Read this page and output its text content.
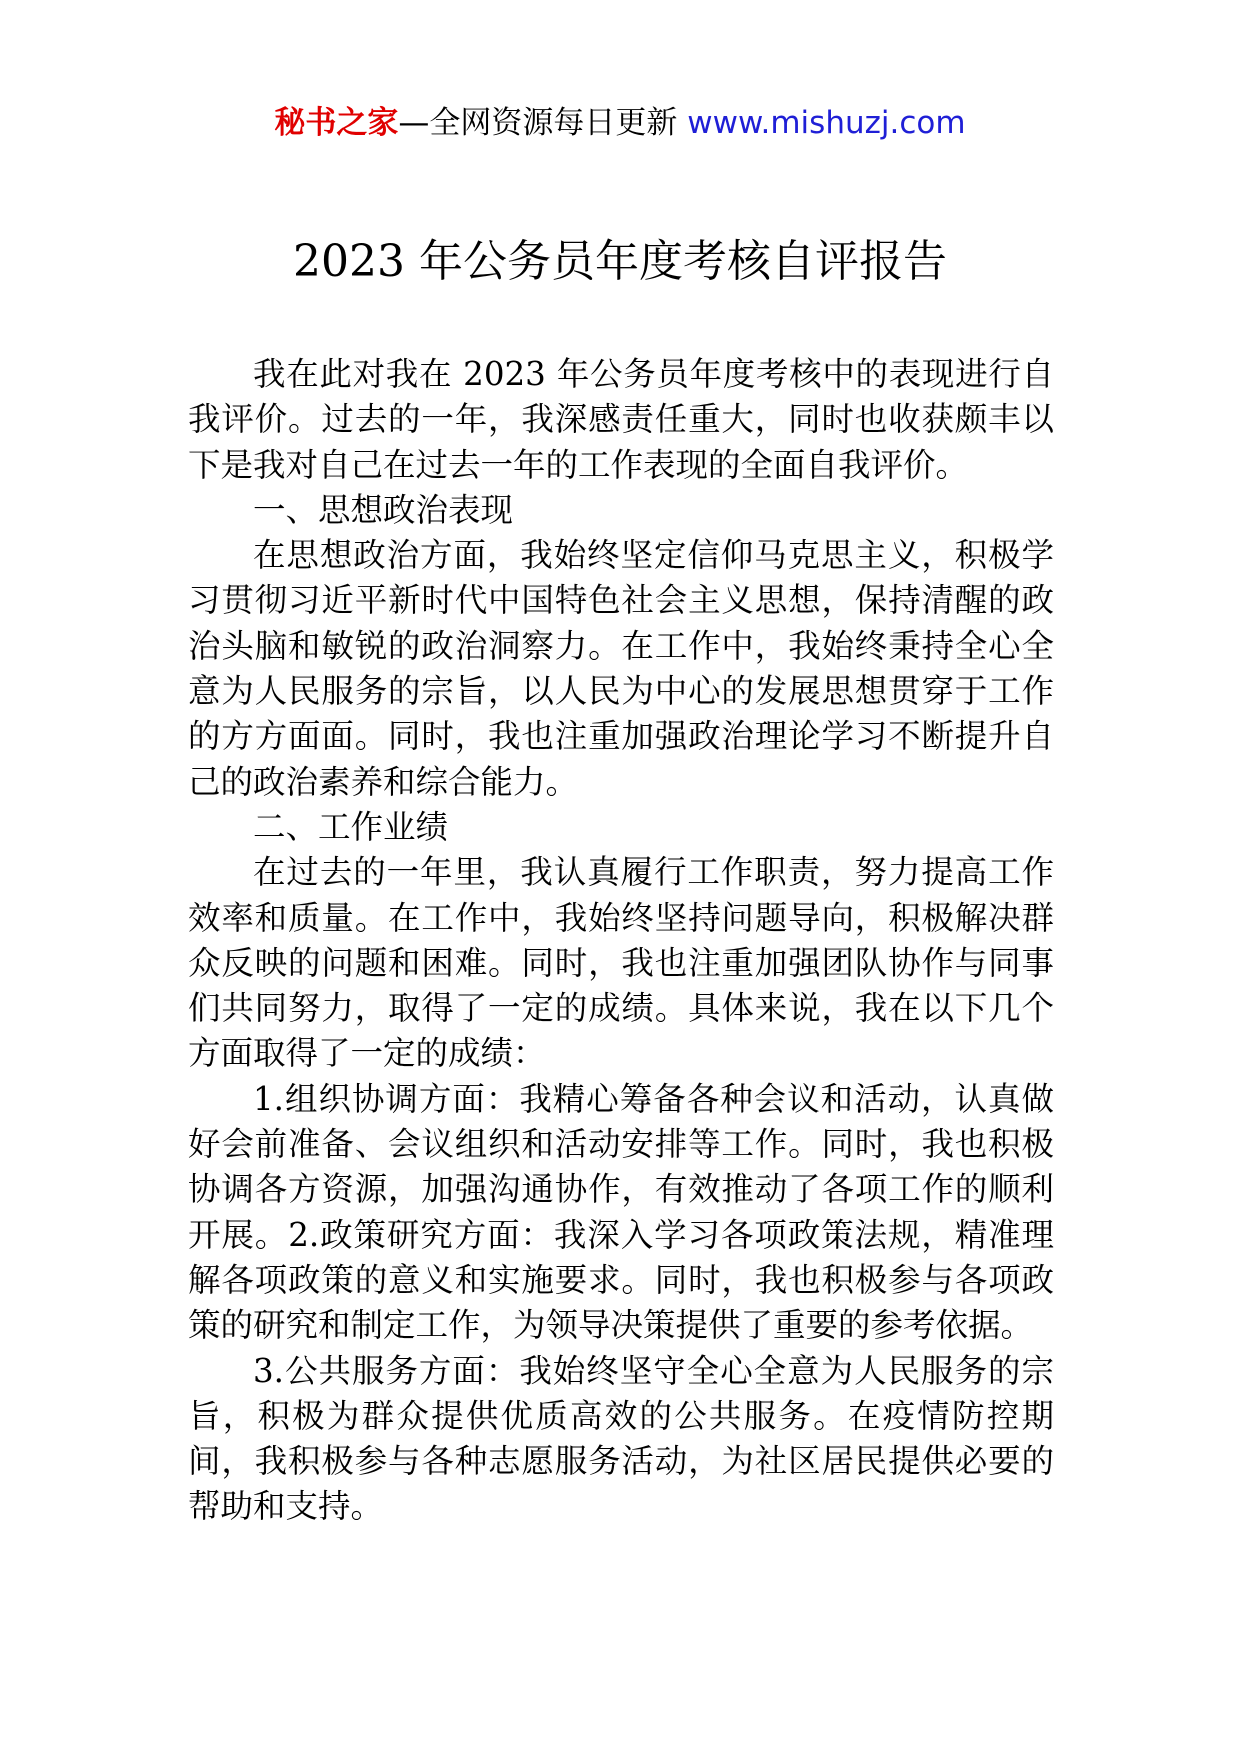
秘书之家—全网资源每日更新 www.mishuzj.com
2023 年公务员年度考核自评报告

我在此对我在 2023 年公务员年度考核中的表现进行自我评价。过去的一年，我深感责任重大，同时也收获颇丰以下是我对自己在过去一年的工作表现的全面自我评价。

一、思想政治表现

在思想政治方面，我始终坚定信仰马克思主义，积极学习贯彻习近平新时代中国特色社会主义思想，保持清醒的政治头脑和敏锐的政治洞察力。在工作中，我始终秉持全心全意为人民服务的宗旨，以人民为中心的发展思想贯穿于工作的方方面面。同时，我也注重加强政治理论学习不断提升自己的政治素养和综合能力。

二、工作业绩

在过去的一年里，我认真履行工作职责，努力提高工作效率和质量。在工作中，我始终坚持问题导向，积极解决群众反映的问题和困难。同时，我也注重加强团队协作与同事们共同努力，取得了一定的成绩。具体来说，我在以下几个方面取得了一定的成绩：

1.组织协调方面：我精心筹备各种会议和活动，认真做好会前准备、会议组织和活动安排等工作。同时，我也积极协调各方资源，加强沟通协作，有效推动了各项工作的顺利开展。2.政策研究方面：我深入学习各项政策法规，精准理解各项政策的意义和实施要求。同时，我也积极参与各项政策的研究和制定工作，为领导决策提供了重要的参考依据。

3.公共服务方面：我始终坚守全心全意为人民服务的宗旨，积极为群众提供优质高效的公共服务。在疫情防控期间，我积极参与各种志愿服务活动，为社区居民提供必要的帮助和支持。
